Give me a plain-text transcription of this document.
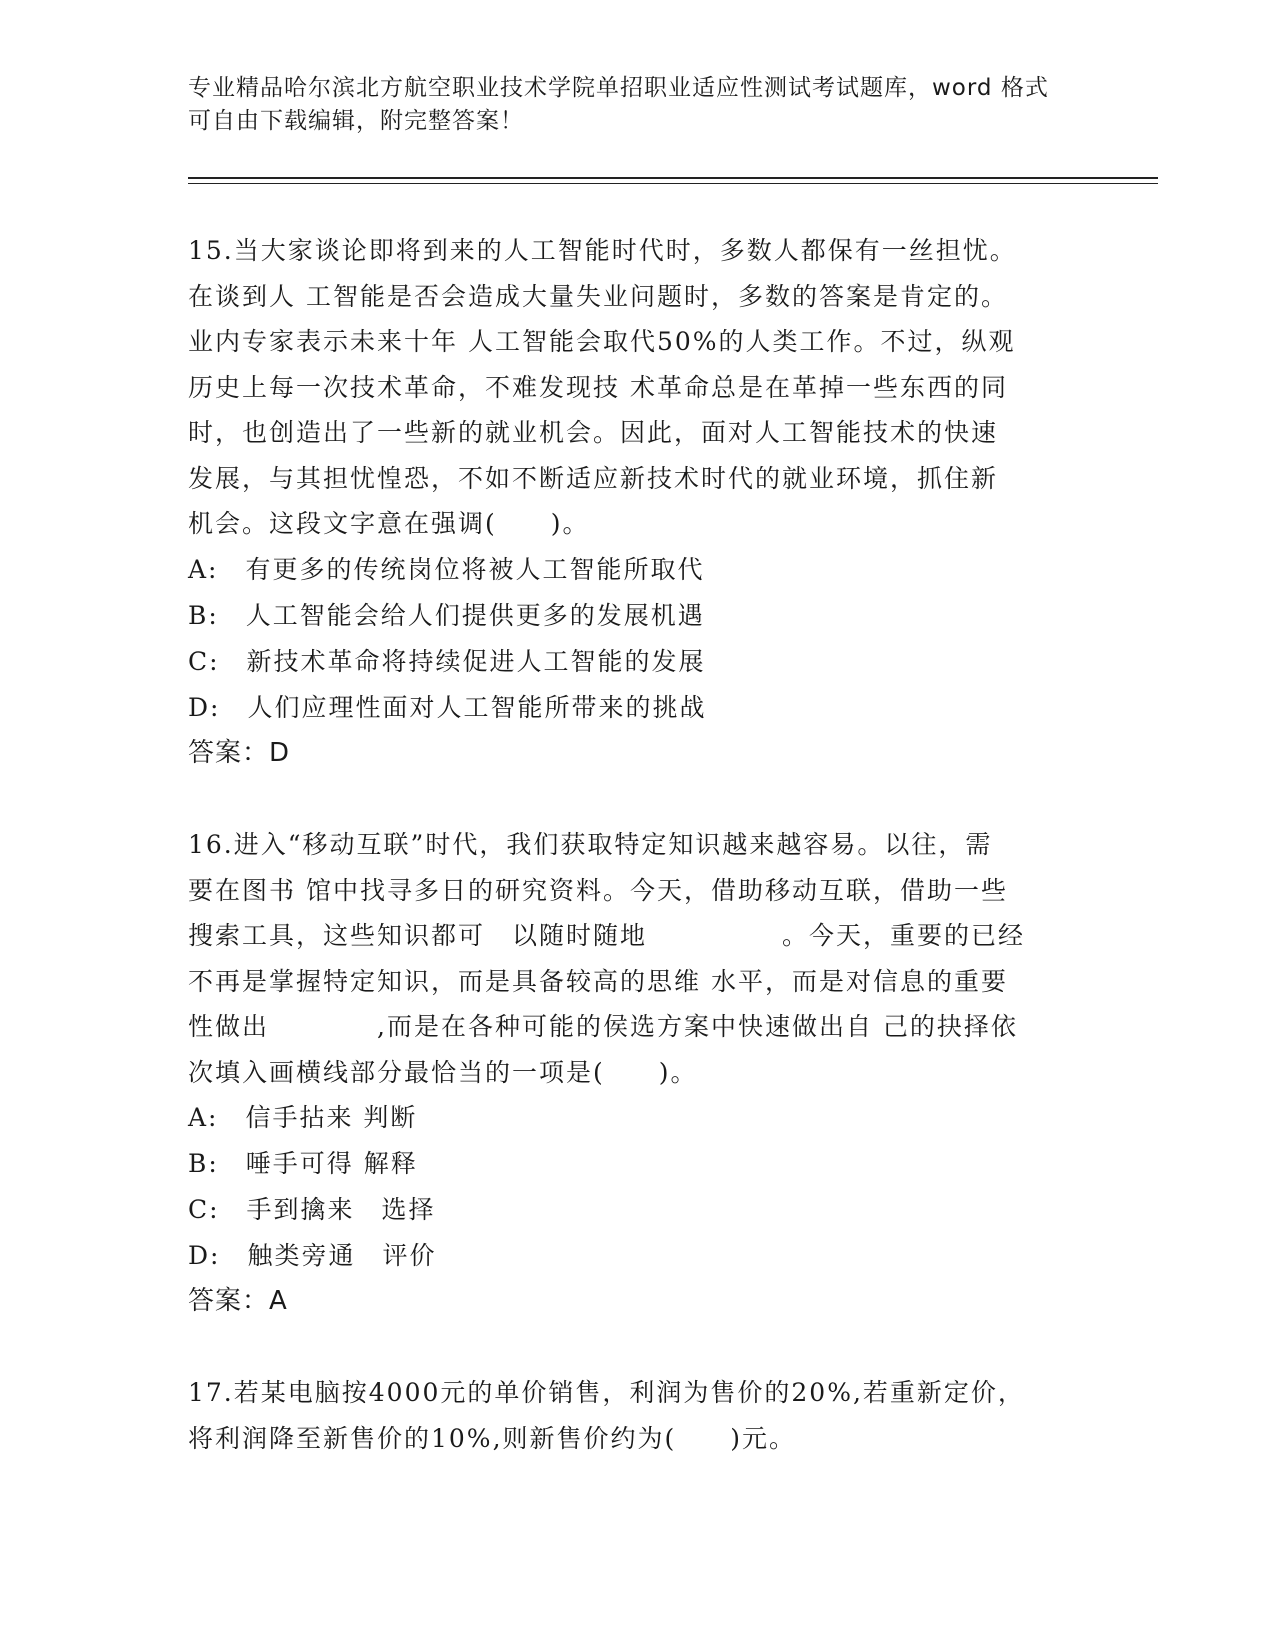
专业精品哈尔滨北方航空职业技术学院单招职业适应性测试考试题库，word 格式

可自由下载编辑，附完整答案！

15.当大家谈论即将到来的人工智能时代时，多数人都保有一丝担忧。

在谈到人 工智能是否会造成大量失业问题时，多数的答案是肯定的。

业内专家表示未来十年 人工智能会取代50%的人类工作。不过，纵观

历史上每一次技术革命，不难发现技 术革命总是在革掉一些东西的同

时，也创造出了一些新的就业机会。因此，面对人工智能技术的快速

发展，与其担忧惶恐，不如不断适应新技术时代的就业环境，抓住新

机会。这段文字意在强调(　　)。

A:　有更多的传统岗位将被人工智能所取代

B:　人工智能会给人们提供更多的发展机遇

C:　新技术革命将持续促进人工智能的发展

D:　人们应理性面对人工智能所带来的挑战

答案：D

16.进入“移动互联”时代，我们获取特定知识越来越容易。以往，需

要在图书 馆中找寻多日的研究资料。今天，借助移动互联，借助一些

搜索工具，这些知识都可　以随时随地　　　　　。今天，重要的已经

不再是掌握特定知识，而是具备较高的思维 水平，而是对信息的重要

性做出　　　　,而是在各种可能的侯选方案中快速做出自 己的抉择依

次填入画横线部分最恰当的一项是(　　)。

A:　信手拈来 判断

B:　唾手可得 解释

C:　手到擒来　选择

D:　触类旁通　评价

答案：A

17.若某电脑按4000元的单价销售，利润为售价的20%,若重新定价，

将利润降至新售价的10%,则新售价约为(　　)元。
